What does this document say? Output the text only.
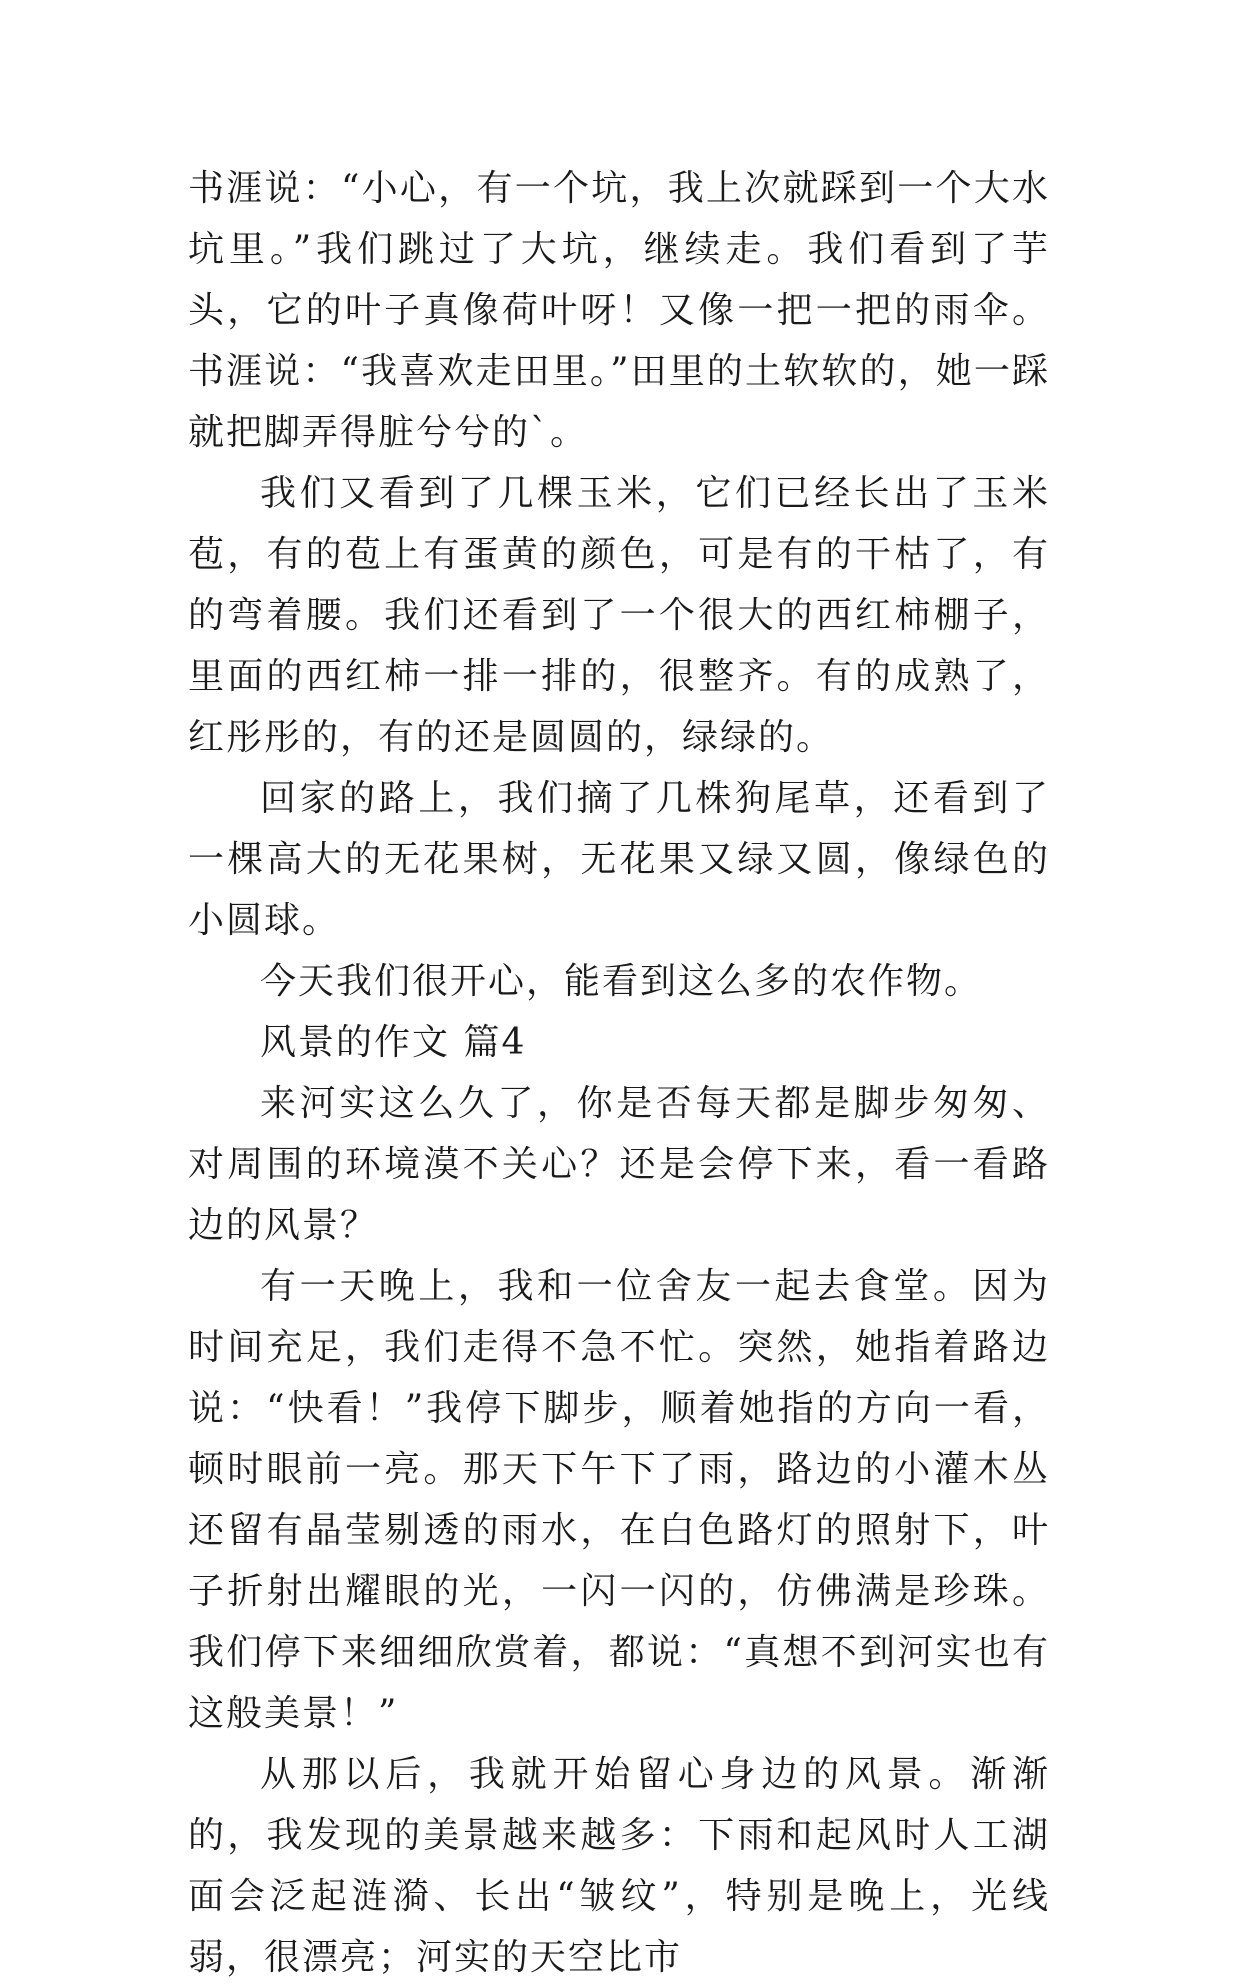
书涯说：“小心，有一个坑，我上次就踩到一个大水坑里。”我们跳过了大坑，继续走。我们看到了芋头，它的叶子真像荷叶呀！又像一把一把的雨伞。书涯说：“我喜欢走田里。”田里的土软软的，她一踩就把脚弄得脏兮兮的`。

我们又看到了几棵玉米，它们已经长出了玉米苞，有的苞上有蛋黄的颜色，可是有的干枯了，有的弯着腰。我们还看到了一个很大的西红柿棚子，里面的西红柿一排一排的，很整齐。有的成熟了，红彤彤的，有的还是圆圆的，绿绿的。

回家的路上，我们摘了几株狗尾草，还看到了一棵高大的无花果树，无花果又绿又圆，像绿色的小圆球。

今天我们很开心，能看到这么多的农作物。

风景的作文 篇4

来河实这么久了，你是否每天都是脚步匆匆、对周围的环境漠不关心？还是会停下来，看一看路边的风景？

有一天晚上，我和一位舍友一起去食堂。因为时间充足，我们走得不急不忙。突然，她指着路边说：“快看！”我停下脚步，顺着她指的方向一看，顿时眼前一亮。那天下午下了雨，路边的小灌木丛还留有晶莹剔透的雨水，在白色路灯的照射下，叶子折射出耀眼的光，一闪一闪的，仿佛满是珍珠。我们停下来细细欣赏着，都说：“真想不到河实也有这般美景！”

从那以后，我就开始留心身边的风景。渐渐的，我发现的美景越来越多：下雨和起风时人工湖面会泛起涟漪、长出“皱纹”，特别是晚上，光线弱，很漂亮；河实的天空比市
